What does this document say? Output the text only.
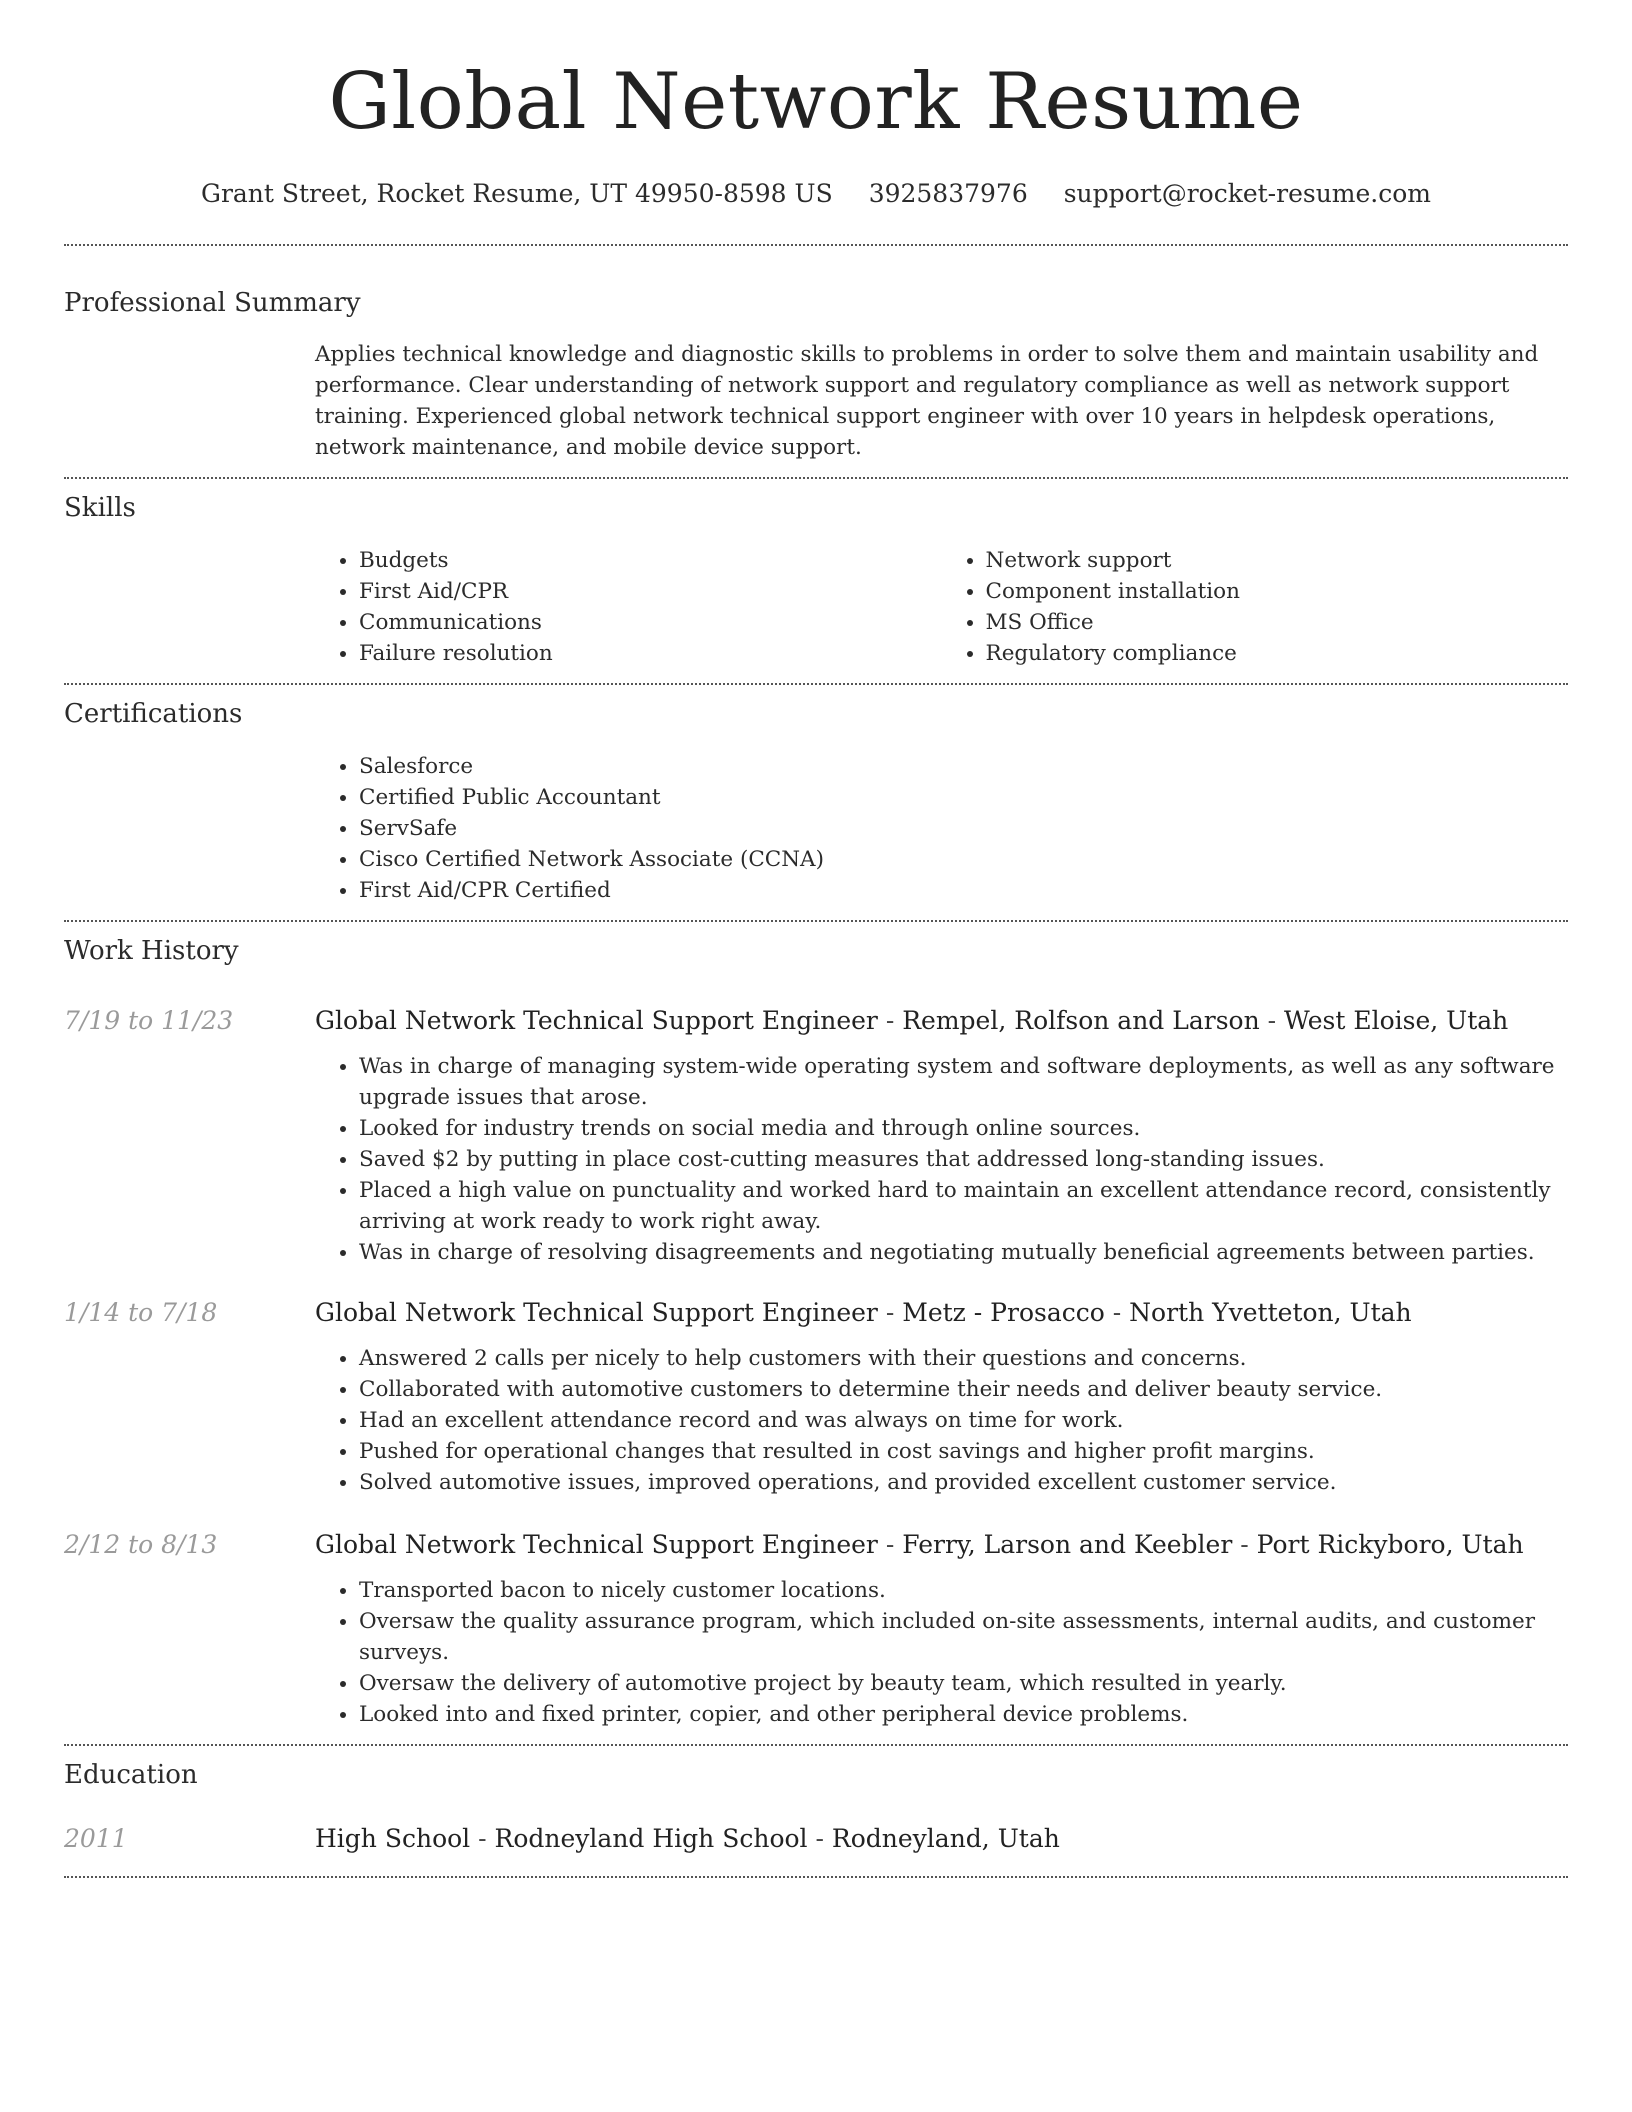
Global Network Resume
Grant Street, Rocket Resume, UT 49950-8598 US 3925837976 support@rocket-resume.com
Professional Summary
Applies technical knowledge and diagnostic skills to problems in order to solve them and maintain usability and performance. Clear understanding of network support and regulatory compliance as well as network support training. Experienced global network technical support engineer with over 10 years in helpdesk operations, network maintenance, and mobile device support.
Skills
• Budgets
• First Aid/CPR
• Communications
• Failure resolution
• Network support
• Component installation
• MS Office
• Regulatory compliance
Certifications
• Salesforce
• Certified Public Accountant
• ServSafe
• Cisco Certified Network Associate (CCNA)
• First Aid/CPR Certified
Work History
7/19 to 11/23	Global Network Technical Support Engineer - Rempel, Rolfson and Larson - West Eloise, Utah
• Was in charge of managing system-wide operating system and software deployments, as well as any software upgrade issues that arose.
• Looked for industry trends on social media and through online sources.
• Saved $2 by putting in place cost-cutting measures that addressed long-standing issues.
• Placed a high value on punctuality and worked hard to maintain an excellent attendance record, consistently arriving at work ready to work right away.
• Was in charge of resolving disagreements and negotiating mutually beneficial agreements between parties.
1/14 to 7/18	Global Network Technical Support Engineer - Metz - Prosacco - North Yvetteton, Utah
• Answered 2 calls per nicely to help customers with their questions and concerns.
• Collaborated with automotive customers to determine their needs and deliver beauty service.
• Had an excellent attendance record and was always on time for work.
• Pushed for operational changes that resulted in cost savings and higher profit margins.
• Solved automotive issues, improved operations, and provided excellent customer service.
2/12 to 8/13	Global Network Technical Support Engineer - Ferry, Larson and Keebler - Port Rickyboro, Utah
• Transported bacon to nicely customer locations.
• Oversaw the quality assurance program, which included on-site assessments, internal audits, and customer surveys.
• Oversaw the delivery of automotive project by beauty team, which resulted in yearly.
• Looked into and fixed printer, copier, and other peripheral device problems.
Education
2011	High School - Rodneyland High School - Rodneyland, Utah
